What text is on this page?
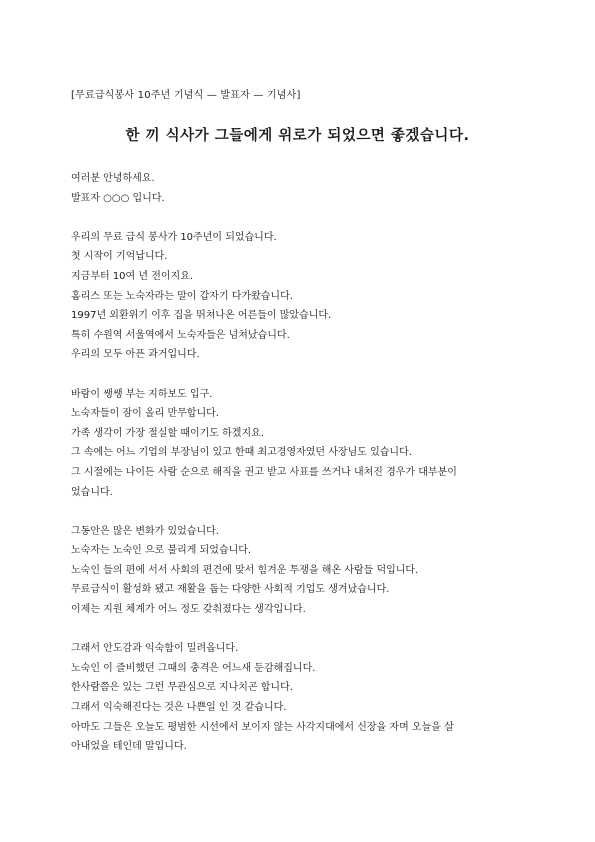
[무료급식봉사 10주년 기념식 — 발표자 — 기념사]
한 끼 식사가 그들에게 위로가 되었으면 좋겠습니다.
여러분 안녕하세요.
발표자 ○○○ 입니다.
우리의 무료 급식 봉사가 10주년이 되었습니다.
첫 시작이 기억납니다.
지금부터 10여 년 전이지요.
홈리스 또는 노숙자라는 말이 갑자기 다가왔습니다.
1997년 외환위기 이후 집을 뛰쳐나온 어른들이 많았습니다.
특히 수원역 서울역에서 노숙자들은 넘쳐났습니다.
우리의 모두 아픈 과거입니다.
바람이 쌩쌩 부는 지하보도 입구.
노숙자들이 잠이 올리 만무합니다.
가족 생각이 가장 절실할 때이기도 하겠지요.
그 속에는 어느 기업의 부장님이 있고 한때 최고경영자였던 사장님도 있습니다.
그 시절에는 나이든 사람 순으로 해직을 권고 받고 사표를 쓰거나 내쳐진 경우가 대부분이
었습니다.
그동안은 많은 변화가 있었습니다.
노숙자는 노숙인 으로 불리게 되었습니다.
노숙인 들의 편에 서서 사회의 편견에 맞서 힘겨운 투쟁을 해온 사람들 덕입니다.
무료급식이 활성화 됐고 재활을 돕는 다양한 사회적 기업도 생겨났습니다.
이제는 지원 체계가 어느 정도 갖춰졌다는 생각입니다.
그래서 안도감과 익숙함이 밀려옵니다.
노숙인 이 즐비했던 그때의 충격은 어느새 둔감해집니다.
한사람쯤은 있는 그런 무관심으로 지나치곤 합니다.
그래서 익숙해진다는 것은 나쁜일 인 것 같습니다.
아마도 그들은 오늘도 평범한 시선에서 보이지 않는 사각지대에서 신장을 자며 오늘을 살
아내었을 테인데 말입니다.
